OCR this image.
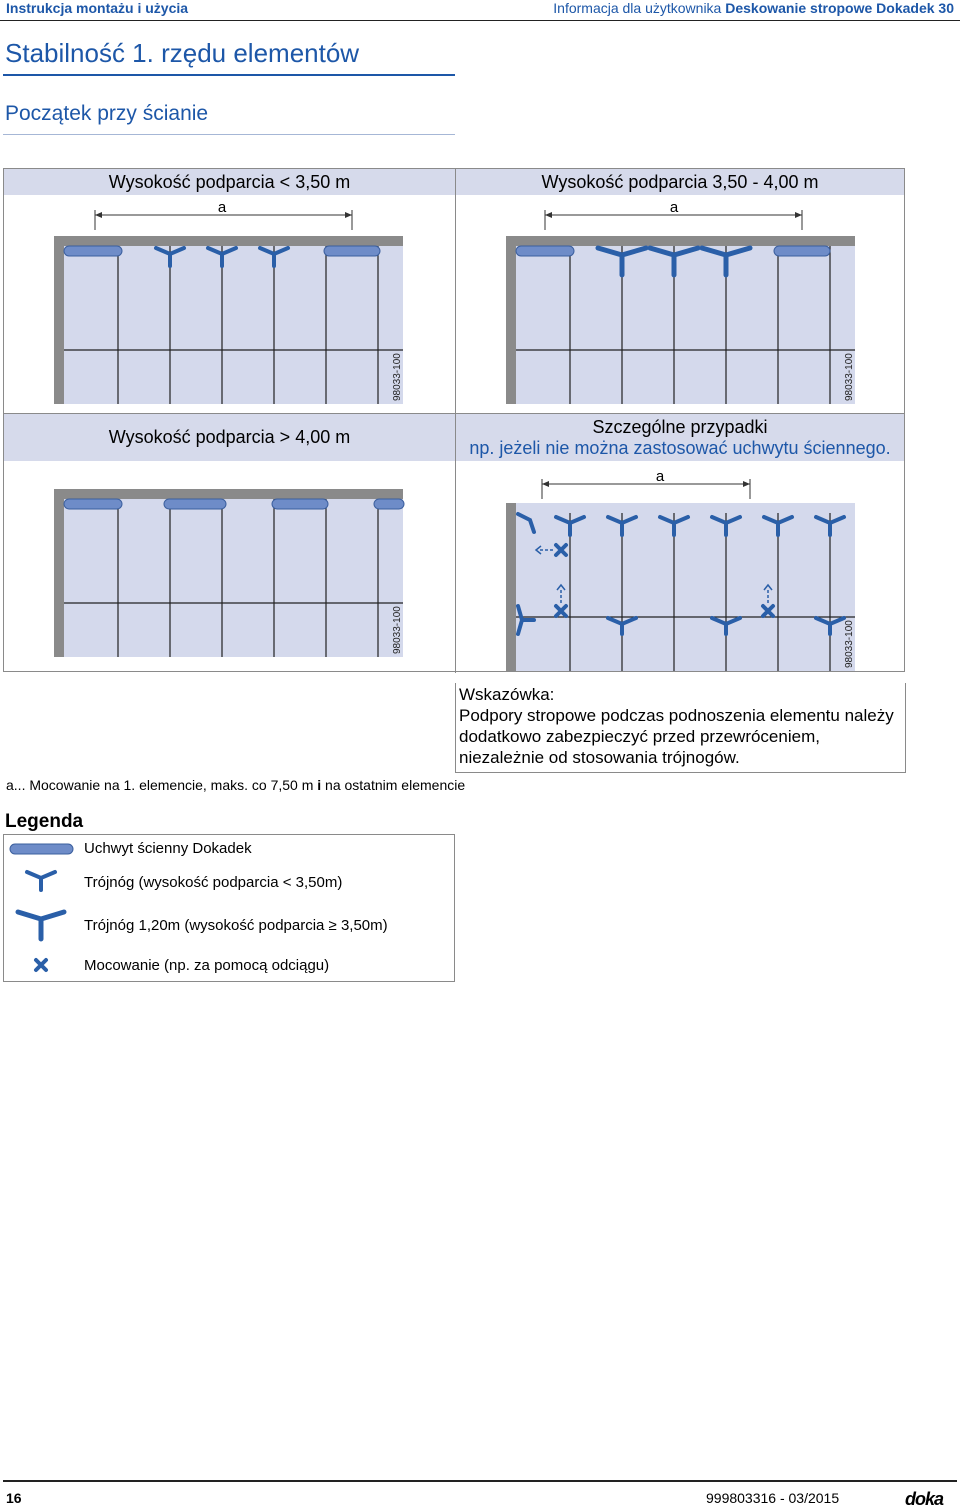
Instrukcja montażu i użycia	Informacja dla użytkownika Deskowanie stropowe Dokadek 30
Stabilność 1. rzędu elementów
Początek przy ścianie
Wysokość podparcia < 3,50 m	Wysokość podparcia 3,50 - 4,00 m
Wysokość podparcia > 4,00 m	Szczególne przypadki
np. jeżeli nie można zastosować uchwytu ściennego.
a
98033-100
a
98033-100
98033-100
a
98033-100
Wskazówka:
Podpory stropowe podczas podnoszenia elementu należy dodatkowo zabezpieczyć przed przewróceniem, niezależnie od stosowania trójnogów.
a... Mocowanie na 1. elemencie, maks. co 7,50 m i na ostatnim elemencie
Legenda
Uchwyt ścienny Dokadek
Trójnóg (wysokość podparcia < 3,50m)
Trójnóg 1,20m (wysokość podparcia ≥ 3,50m)
Mocowanie (np. za pomocą odciągu)
16	999803316 - 03/2015	doka
